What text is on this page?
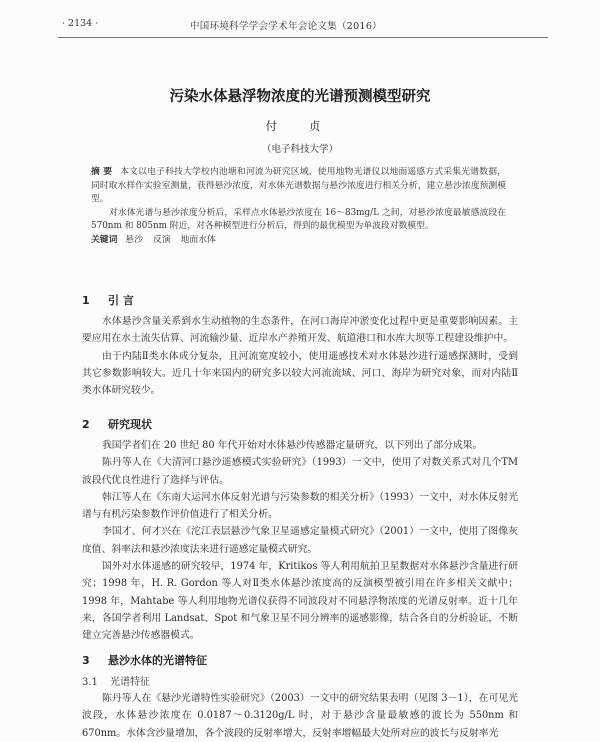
· 2134 ·	中国环境科学学会学术年会论文集（2016）
污染水体悬浮物浓度的光谱预测模型研究
付 贞
（电子科技大学）

摘 要 本文以电子科技大学校内池塘和河流为研究区域，使用地物光谱仪以地面遥感方式采集光谱数据，同时取水样作实验室测量，获得悬沙浓度，对水体光谱数据与悬沙浓度进行相关分析，建立悬沙浓度预测模型。

对水体光谱与悬沙浓度分析后，采样点水体悬沙浓度在 16～83mg/L 之间，对悬沙浓度最敏感波段在 570nm 和 805nm 附近，对各种模型进行分析后，得到的最优模型为单波段对数模型。

关键词 悬沙 反演 地面水体

1 引 言

水体悬沙含量关系到水生动植物的生态条件，在河口海岸冲淤变化过程中更是重要影响因素。主要应用在水土流失估算、河流输沙量、近岸水产养殖开发、航道港口和水库大坝等工程建设维护中。

由于内陆Ⅱ类水体成分复杂，且河流宽度较小，使用遥感技术对水体悬沙进行遥感探测时，受到其它参数影响较大。近几十年来国内的研究多以较大河流流域、河口、海岸为研究对象，而对内陆Ⅱ类水体研究较少。

2 研究现状

我国学者们在 20 世纪 80 年代开始对水体悬沙传感器定量研究，以下列出了部分成果。

陈丹等人在《大清河口悬沙遥感模式实验研究》（1993）一文中，使用了对数关系式对几个TM 波段代优良性进行了选择与评估。

韩江等人在《东南大运河水体反射光谱与污染参数的相关分析》（1993）一文中，对水体反射光谱与有机污染参数作评价值进行了相关分析。

李国才、何才兴在《沱江表层悬沙气象卫星遥感定量模式研究》（2001）一文中，使用了图像灰度值、斜率法和悬沙浓度法来进行遥感定量模式研究。

国外对水体遥感的研究较早，1974 年，Kritikos 等人利用航拍卫星数据对水体悬沙含量进行研究；1998 年，H. R. Gordon 等人对Ⅱ类水体悬沙浓度高的反演模型被引用在许多相关文献中；1998 年，Mahtabe 等人利用地物光谱仪获得不同波段对不同悬浮物浓度的光谱反射率。近十几年来，各国学者利用 Landsat、Spot 和气象卫星不同分辨率的遥感影像，结合各自的分析验证，不断建立完善悬沙传感器模式。

3 悬沙水体的光谱特征
3.1 光谱特征

陈丹等人在《悬沙光谱特性实验研究》（2003）一文中的研究结果表明（见图 3－1），在可见光波段，水体悬沙浓度在 0.0187～0.3120g/L 时，对于悬沙含量最敏感的波长为 550nm 和 670nm。水体含沙量增加，各个波段的反射率增大，反射率增幅最大处所对应的波长与反射率光
